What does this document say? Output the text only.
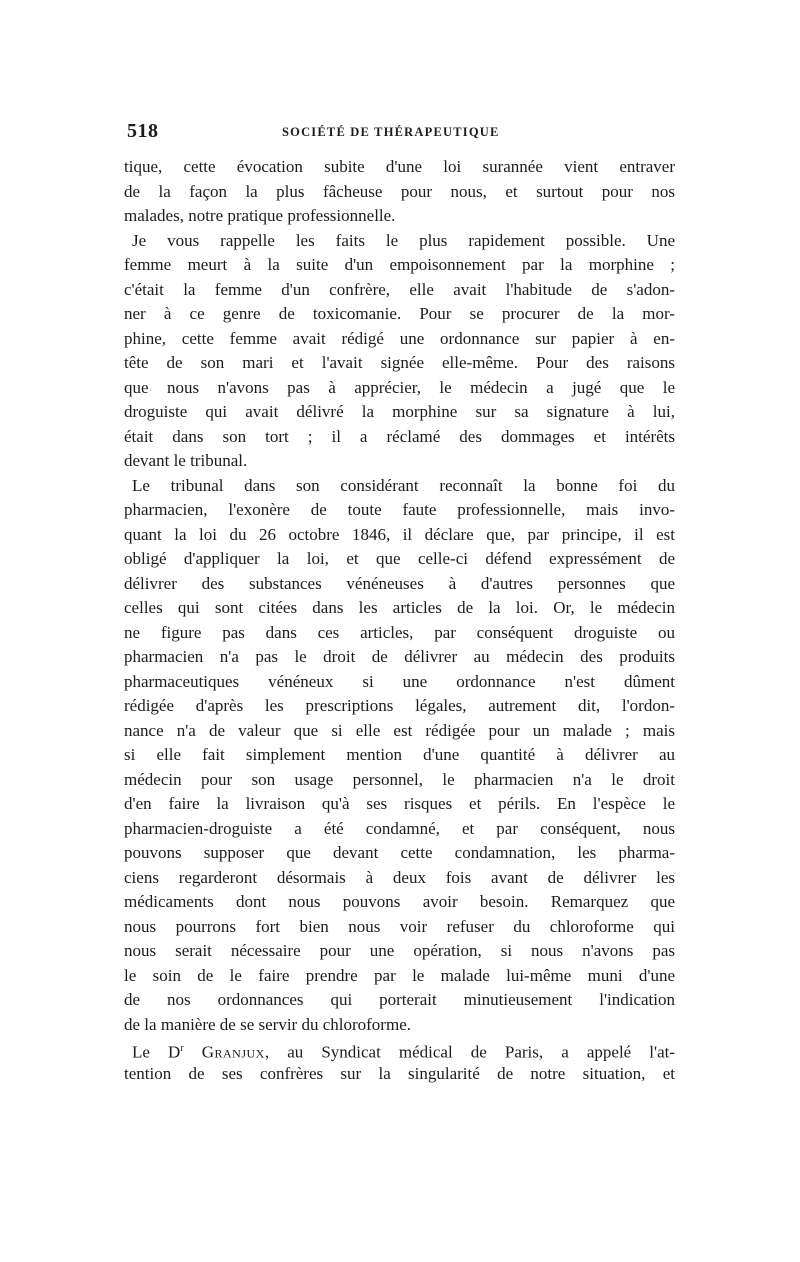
518	SOCIÉTÉ DE THÉRAPEUTIQUE
tique, cette évocation subite d'une loi surannée vient entraver
de la façon la plus fâcheuse pour nous, et surtout pour nos
malades, notre pratique professionnelle.
Je vous rappelle les faits le plus rapidement possible. Une
femme meurt à la suite d'un empoisonnement par la morphine ;
c'était la femme d'un confrère, elle avait l'habitude de s'adon-
ner à ce genre de toxicomanie. Pour se procurer de la mor-
phine, cette femme avait rédigé une ordonnance sur papier à en-
tête de son mari et l'avait signée elle-même. Pour des raisons
que nous n'avons pas à apprécier, le médecin a jugé que le
droguiste qui avait délivré la morphine sur sa signature à lui,
était dans son tort ; il a réclamé des dommages et intérêts
devant le tribunal.
Le tribunal dans son considérant reconnaît la bonne foi du
pharmacien, l'exonère de toute faute professionnelle, mais invo-
quant la loi du 26 octobre 1846, il déclare que, par principe, il est
obligé d'appliquer la loi, et que celle-ci défend expressément de
délivrer des substances vénéneuses à d'autres personnes que
celles qui sont citées dans les articles de la loi. Or, le médecin
ne figure pas dans ces articles, par conséquent droguiste ou
pharmacien n'a pas le droit de délivrer au médecin des produits
pharmaceutiques vénéneux si une ordonnance n'est dûment
rédigée d'après les prescriptions légales, autrement dit, l'ordon-
nance n'a de valeur que si elle est rédigée pour un malade ; mais
si elle fait simplement mention d'une quantité à délivrer au
médecin pour son usage personnel, le pharmacien n'a le droit
d'en faire la livraison qu'à ses risques et périls. En l'espèce le
pharmacien-droguiste a été condamné, et par conséquent, nous
pouvons supposer que devant cette condamnation, les pharma-
ciens regarderont désormais à deux fois avant de délivrer les
médicaments dont nous pouvons avoir besoin. Remarquez que
nous pourrons fort bien nous voir refuser du chloroforme qui
nous serait nécessaire pour une opération, si nous n'avons pas
le soin de le faire prendre par le malade lui-même muni d'une
de nos ordonnances qui porterait minutieusement l'indication
de la manière de se servir du chloroforme.
Le $D^r$ Granjux, au Syndicat médical de Paris, a appelé l'at-
tention de ses confrères sur la singularité de notre situation, et
